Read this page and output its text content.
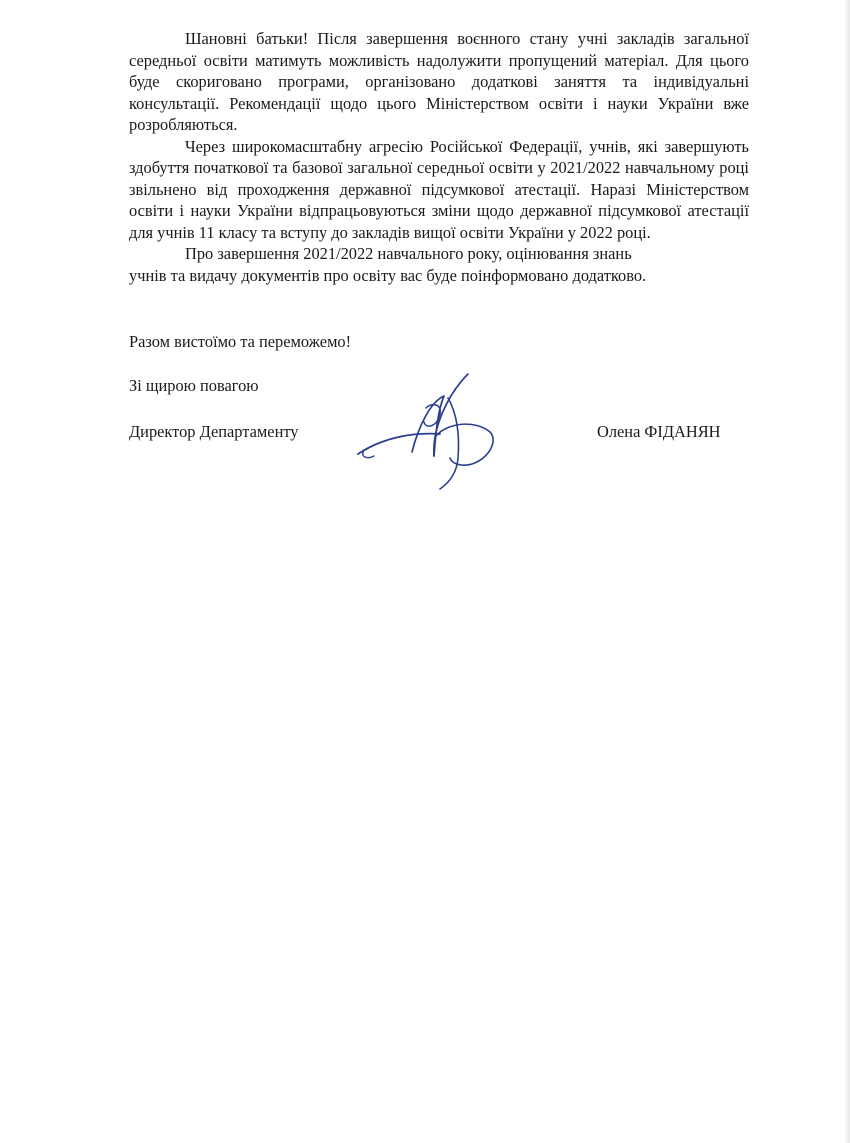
Шановні батьки! Після завершення воєнного стану учні закладів загальної середньої освіти матимуть можливість надолужити пропущений матеріал. Для цього буде скориговано програми, організовано додаткові заняття та індивідуальні консультації. Рекомендації щодо цього Міністерством освіти і науки України вже розробляються.

Через широкомасштабну агресію Російської Федерації, учнів, які завершують здобуття початкової та базової загальної середньої освіти у 2021/2022 навчальному році звільнено від проходження державної підсумкової атестації. Наразі Міністерством освіти і науки України відпрацьовуються зміни щодо державної підсумкової атестації для учнів 11 класу та вступу до закладів вищої освіти України у 2022 році.

Про завершення 2021/2022 навчального року, оцінювання знань

учнів та видачу документів про освіту вас буде поінформовано додатково.

Разом вистоїмо та переможемо!

Зі щирою повагою

Директор Департаменту	Олена ФІДАНЯН
